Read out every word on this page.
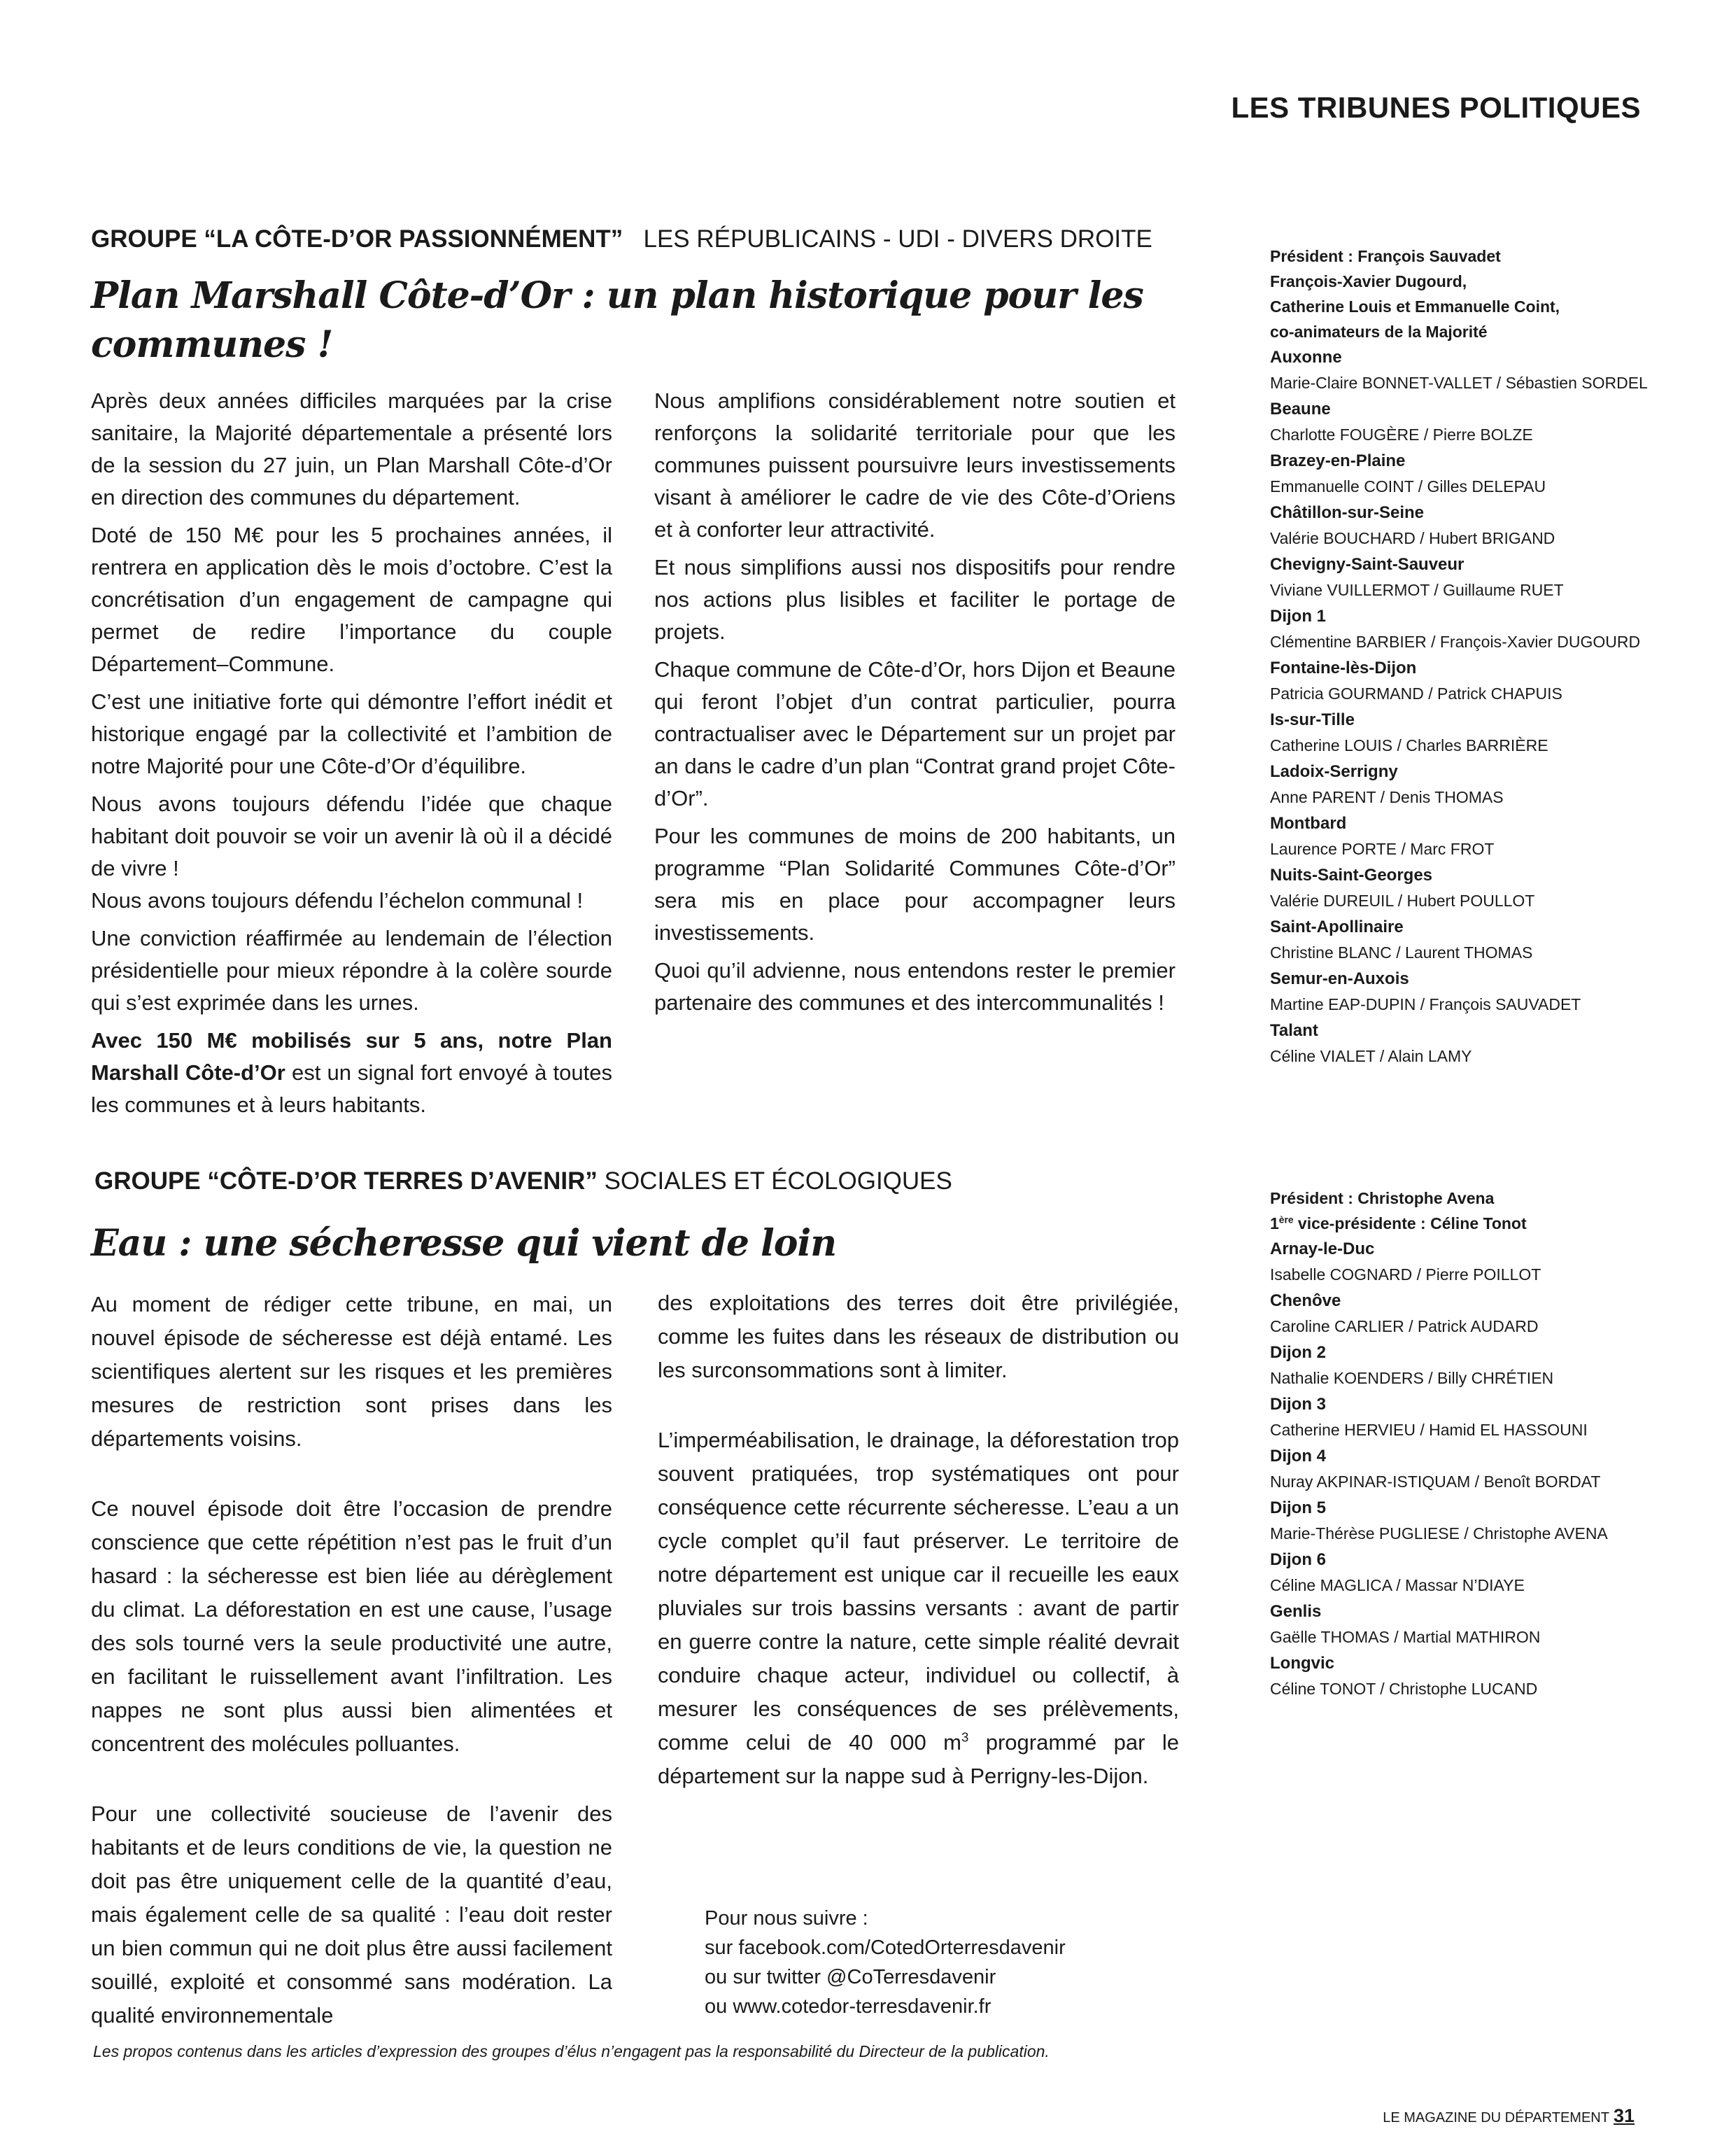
LES TRIBUNES POLITIQUES
GROUPE “LA CÔTE-D’OR PASSIONNÉMENT” LES RÉPUBLICAINS - UDI - DIVERS DROITE
Plan Marshall Côte-d’Or : un plan historique pour les
communes !

Après deux années difficiles marquées par la crise sanitaire, la Majorité départementale a présenté lors de la session du 27 juin, un Plan Marshall Côte-d’Or en direction des communes du département.

Doté de 150 M€ pour les 5 prochaines années, il rentrera en application dès le mois d’octobre. C’est la concrétisation d’un engagement de campagne qui permet de redire l’importance du couple Département–Commune.

C’est une initiative forte qui démontre l’effort inédit et historique engagé par la collectivité et l’ambition de notre Majorité pour une Côte-d’Or d’équilibre.

Nous avons toujours défendu l’idée que chaque habitant doit pouvoir se voir un avenir là où il a décidé de vivre !

Nous avons toujours défendu l’échelon communal !

Une conviction réaffirmée au lendemain de l’élection présidentielle pour mieux répondre à la colère sourde qui s’est exprimée dans les urnes.

Avec 150 M€ mobilisés sur 5 ans, notre Plan Marshall Côte-d’Or est un signal fort envoyé à toutes les communes et à leurs habitants.

Nous amplifions considérablement notre soutien et renforçons la solidarité territoriale pour que les communes puissent poursuivre leurs investissements visant à améliorer le cadre de vie des Côte-d’Oriens et à conforter leur attractivité.

Et nous simplifions aussi nos dispositifs pour rendre nos actions plus lisibles et faciliter le portage de projets.

Chaque commune de Côte-d’Or, hors Dijon et Beaune qui feront l’objet d’un contrat particulier, pourra contractualiser avec le Département sur un projet par an dans le cadre d’un plan “Contrat grand projet Côte-d’Or”.

Pour les communes de moins de 200 habitants, un programme “Plan Solidarité Communes Côte-d’Or” sera mis en place pour accompagner leurs investissements.

Quoi qu’il advienne, nous entendons rester le premier partenaire des communes et des intercommunalités !

Président : François Sauvadet
François-Xavier Dugourd,
Catherine Louis et Emmanuelle Coint,
co-animateurs de la Majorité
Auxonne
Marie-Claire BONNET-VALLET / Sébastien SORDEL
Beaune
Charlotte FOUGÈRE / Pierre BOLZE
Brazey-en-Plaine
Emmanuelle COINT / Gilles DELEPAU
Châtillon-sur-Seine
Valérie BOUCHARD / Hubert BRIGAND
Chevigny-Saint-Sauveur
Viviane VUILLERMOT / Guillaume RUET
Dijon 1
Clémentine BARBIER / François-Xavier DUGOURD
Fontaine-lès-Dijon
Patricia GOURMAND / Patrick CHAPUIS
Is-sur-Tille
Catherine LOUIS / Charles BARRIÈRE
Ladoix-Serrigny
Anne PARENT / Denis THOMAS
Montbard
Laurence PORTE / Marc FROT
Nuits-Saint-Georges
Valérie DUREUIL / Hubert POULLOT
Saint-Apollinaire
Christine BLANC / Laurent THOMAS
Semur-en-Auxois
Martine EAP-DUPIN / François SAUVADET
Talant
Céline VIALET / Alain LAMY
GROUPE “CÔTE-D’OR TERRES D’AVENIR” SOCIALES ET ÉCOLOGIQUES
Eau : une sécheresse qui vient de loin

Au moment de rédiger cette tribune, en mai, un nouvel épisode de sécheresse est déjà entamé. Les scientifiques alertent sur les risques et les premières mesures de restriction sont prises dans les départements voisins.

Ce nouvel épisode doit être l’occasion de prendre conscience que cette répétition n’est pas le fruit d’un hasard : la sécheresse est bien liée au dérèglement du climat. La déforestation en est une cause, l’usage des sols tourné vers la seule productivité une autre, en facilitant le ruissellement avant l’infiltration. Les nappes ne sont plus aussi bien alimentées et concentrent des molécules polluantes.

Pour une collectivité soucieuse de l’avenir des habitants et de leurs conditions de vie, la question ne doit pas être uniquement celle de la quantité d’eau, mais également celle de sa qualité : l’eau doit rester un bien commun qui ne doit plus être aussi facilement souillé, exploité et consommé sans modération. La qualité environnementale

des exploitations des terres doit être privilégiée, comme les fuites dans les réseaux de distribution ou les surconsommations sont à limiter.

L’imperméabilisation, le drainage, la déforestation trop souvent pratiquées, trop systématiques ont pour conséquence cette récurrente sécheresse. L’eau a un cycle complet qu’il faut préserver. Le territoire de notre département est unique car il recueille les eaux pluviales sur trois bassins versants : avant de partir en guerre contre la nature, cette simple réalité devrait conduire chaque acteur, individuel ou collectif, à mesurer les conséquences de ses prélèvements, comme celui de 40 000 $m^3$ programmé par le département sur la nappe sud à Perrigny-les-Dijon.

Pour nous suivre :
sur facebook.com/CotedOrterresdavenir
ou sur twitter @CoTerresdavenir
ou www.cotedor-terresdavenir.fr
Président : Christophe Avena
1ère vice-présidente : Céline Tonot
Arnay-le-Duc
Isabelle COGNARD / Pierre POILLOT
Chenôve
Caroline CARLIER / Patrick AUDARD
Dijon 2
Nathalie KOENDERS / Billy CHRÉTIEN
Dijon 3
Catherine HERVIEU / Hamid EL HASSOUNI
Dijon 4
Nuray AKPINAR-ISTIQUAM / Benoît BORDAT
Dijon 5
Marie-Thérèse PUGLIESE / Christophe AVENA
Dijon 6
Céline MAGLICA / Massar N’DIAYE
Genlis
Gaëlle THOMAS / Martial MATHIRON
Longvic
Céline TONOT / Christophe LUCAND
Les propos contenus dans les articles d’expression des groupes d’élus n’engagent pas la responsabilité du Directeur de la publication.
LE MAGAZINE DU DÉPARTEMENT 31
